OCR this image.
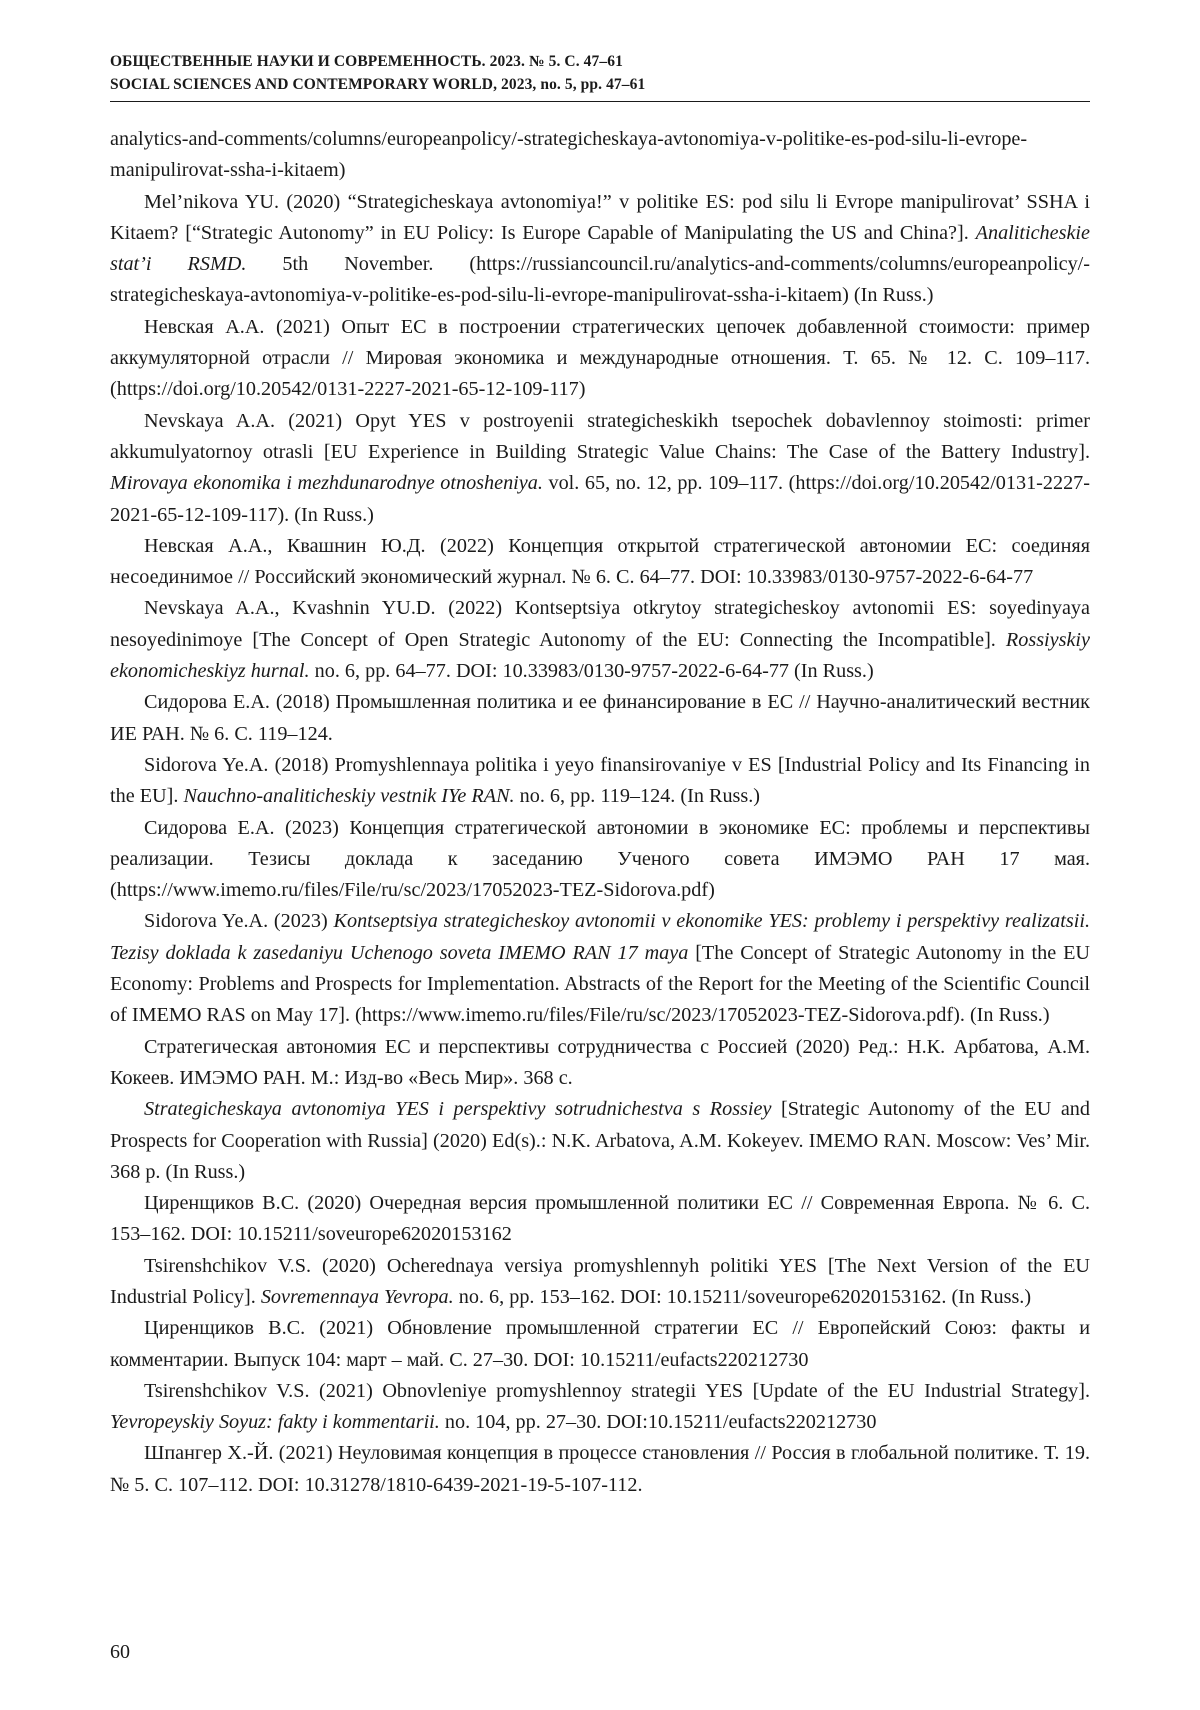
ОБЩЕСТВЕННЫЕ НАУКИ И СОВРЕМЕННОСТЬ. 2023. № 5. С. 47–61
SOCIAL SCIENCES AND CONTEMPORARY WORLD, 2023, no. 5, pp. 47–61

analytics-and-comments/columns/europeanpolicy/-strategicheskaya-avtonomiya-v-politike-es-pod-silu-li-evrope-manipulirovat-ssha-i-kitaem)

Mel’nikova YU. (2020) “Strategicheskaya avtonomiya!” v politike ES: pod silu li Evrope manipulirovat’ SSHA i Kitaem? [“Strategic Autonomy” in EU Policy: Is Europe Capable of Manipulating the US and China?]. Analiticheskie stat’i RSMD. 5th November. (https://russiancouncil.ru/analytics-and-comments/columns/europeanpolicy/-strategicheskaya-avtonomiya-v-politike-es-pod-silu-li-evrope-manipulirovat-ssha-i-kitaem) (In Russ.)

Невская А.А. (2021) Опыт ЕС в построении стратегических цепочек добавленной стоимости: пример аккумуляторной отрасли // Мировая экономика и международные отношения. Т. 65. № 12. С. 109–117. (https://doi.org/10.20542/0131-2227-2021-65-12-109-117)

Nevskaya A.A. (2021) Opyt YES v postroyenii strategicheskikh tsepochek dobavlennoy stoimosti: primer akkumulyatornoy otrasli [EU Experience in Building Strategic Value Chains: The Case of the Battery Industry]. Mirovaya ekonomika i mezhdunarodnye otnosheniya. vol. 65, no. 12, pp. 109–117. (https://doi.org/10.20542/0131-2227-2021-65-12-109-117). (In Russ.)

Невская А.А., Квашнин Ю.Д. (2022) Концепция открытой стратегической автономии ЕС: соединяя несоединимое // Российский экономический журнал. № 6. С. 64–77. DOI: 10.33983/0130-9757-2022-6-64-77

Nevskaya A.A., Kvashnin YU.D. (2022) Kontseptsiya otkrytoy strategicheskoy avtonomii ES: soyedinyaya nesoyedinimoye [The Concept of Open Strategic Autonomy of the EU: Connecting the Incompatible]. Rossiyskiy ekonomicheskiyz hurnal. no. 6, pp. 64–77. DOI: 10.33983/0130-9757-2022-6-64-77 (In Russ.)

Сидорова Е.А. (2018) Промышленная политика и ее финансирование в ЕС // Научно-аналитический вестник ИЕ РАН. № 6. С. 119–124.

Sidorova Ye.A. (2018) Promyshlennaya politika i yeyo finansirovaniye v ES [Industrial Policy and Its Financing in the EU]. Nauchno-analiticheskiy vestnik IYe RAN. no. 6, pp. 119–124. (In Russ.)

Сидорова Е.А. (2023) Концепция стратегической автономии в экономике ЕС: проблемы и перспективы реализации. Тезисы доклада к заседанию Ученого совета ИМЭМО РАН 17 мая. (https://www.imemo.ru/files/File/ru/sc/2023/17052023-TEZ-Sidorova.pdf)

Sidorova Ye.A. (2023) Kontseptsiya strategicheskoy avtonomii v ekonomike YES: problemy i perspektivy realizatsii. Tezisy doklada k zasedaniyu Uchenogo soveta IMEMO RAN 17 maya [The Concept of Strategic Autonomy in the EU Economy: Problems and Prospects for Implementation. Abstracts of the Report for the Meeting of the Scientific Council of IMEMO RAS on May 17]. (https://www.imemo.ru/files/File/ru/sc/2023/17052023-TEZ-Sidorova.pdf). (In Russ.)

Стратегическая автономия ЕС и перспективы сотрудничества с Россией (2020) Ред.: Н.К. Арбатова, А.М. Кокеев. ИМЭМО РАН. М.: Изд-во «Весь Мир». 368 с.

Strategicheskaya avtonomiya YES i perspektivy sotrudnichestva s Rossiey [Strategic Autonomy of the EU and Prospects for Cooperation with Russia] (2020) Ed(s).: N.K. Arbatova, A.M. Kokeyev. IMEMO RAN. Moscow: Ves’ Mir. 368 p. (In Russ.)

Циренщиков В.С. (2020) Очередная версия промышленной политики ЕС // Современная Европа. № 6. С. 153–162. DOI: 10.15211/soveurope62020153162

Tsirenshchikov V.S. (2020) Ocherednaya versiya promyshlennyh politiki YES [The Next Version of the EU Industrial Policy]. Sovremennaya Yevropa. no. 6, pp. 153–162. DOI: 10.15211/soveurope62020153162. (In Russ.)

Циренщиков В.С. (2021) Обновление промышленной стратегии ЕС // Европейский Союз: факты и комментарии. Выпуск 104: март – май. С. 27–30. DOI: 10.15211/eufacts220212730

Tsirenshchikov V.S. (2021) Obnovleniye promyshlennoy strategii YES [Update of the EU Industrial Strategy]. Yevropeyskiy Soyuz: fakty i kommentarii. no. 104, pp. 27–30. DOI:10.15211/eufacts220212730

Шпангер Х.-Й. (2021) Неуловимая концепция в процессе становления // Россия в глобальной политике. Т. 19. № 5. С. 107–112. DOI: 10.31278/1810-6439-2021-19-5-107-112.

60
